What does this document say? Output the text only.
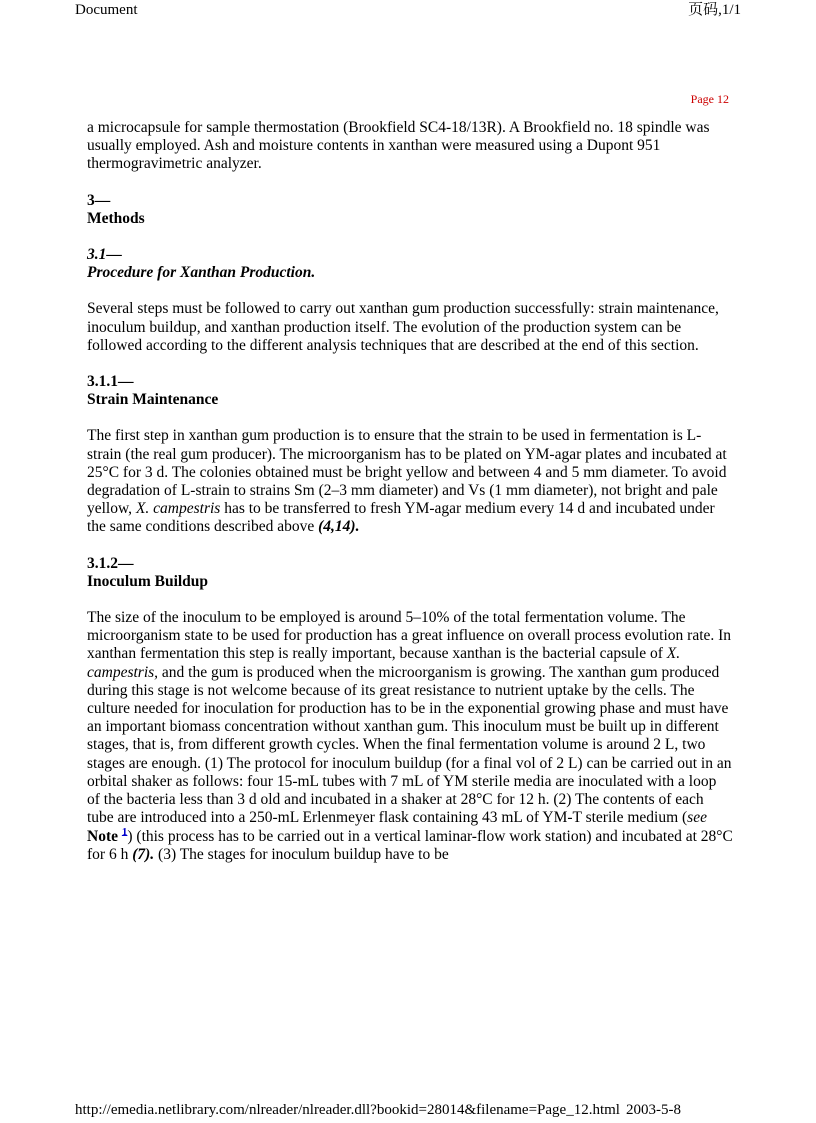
Document	页码,1/1
Page 12

a microcapsule for sample thermostation (Brookfield SC4-18/13R). A Brookfield no. 18 spindle was usually employed. Ash and moisture contents in xanthan were measured using a Dupont 951 thermogravimetric analyzer.

3—
Methods
3.1—
Procedure for Xanthan Production.

Several steps must be followed to carry out xanthan gum production successfully: strain maintenance, inoculum buildup, and xanthan production itself. The evolution of the production system can be followed according to the different analysis techniques that are described at the end of this section.

3.1.1—
Strain Maintenance

The first step in xanthan gum production is to ensure that the strain to be used in fermentation is L-strain (the real gum producer). The microorganism has to be plated on YM-agar plates and incubated at 25°C for 3 d. The colonies obtained must be bright yellow and between 4 and 5 mm diameter. To avoid degradation of L-strain to strains Sm (2–3 mm diameter) and Vs (1 mm diameter), not bright and pale yellow, X. campestris has to be transferred to fresh YM-agar medium every 14 d and incubated under the same conditions described above (4,14).

3.1.2—
Inoculum Buildup

The size of the inoculum to be employed is around 5–10% of the total fermentation volume. The microorganism state to be used for production has a great influence on overall process evolution rate. In xanthan fermentation this step is really important, because xanthan is the bacterial capsule of X. campestris, and the gum is produced when the microorganism is growing. The xanthan gum produced during this stage is not welcome because of its great resistance to nutrient uptake by the cells. The culture needed for inoculation for production has to be in the exponential growing phase and must have an important biomass concentration without xanthan gum. This inoculum must be built up in different stages, that is, from different growth cycles. When the final fermentation volume is around 2 L, two stages are enough. (1) The protocol for inoculum buildup (for a final vol of 2 L) can be carried out in an orbital shaker as follows: four 15-mL tubes with 7 mL of YM sterile media are inoculated with a loop of the bacteria less than 3 d old and incubated in a shaker at 28°C for 12 h. (2) The contents of each tube are introduced into a 250-mL Erlenmeyer flask containing 43 mL of YM-T sterile medium (see Note $^1$) (this process has to be carried out in a vertical laminar-flow work station) and incubated at 28°C for 6 h (7). (3) The stages for inoculum buildup have to be

http://emedia.netlibrary.com/nlreader/nlreader.dll?bookid=28014&filename=Page_12.html 2003-5-8
